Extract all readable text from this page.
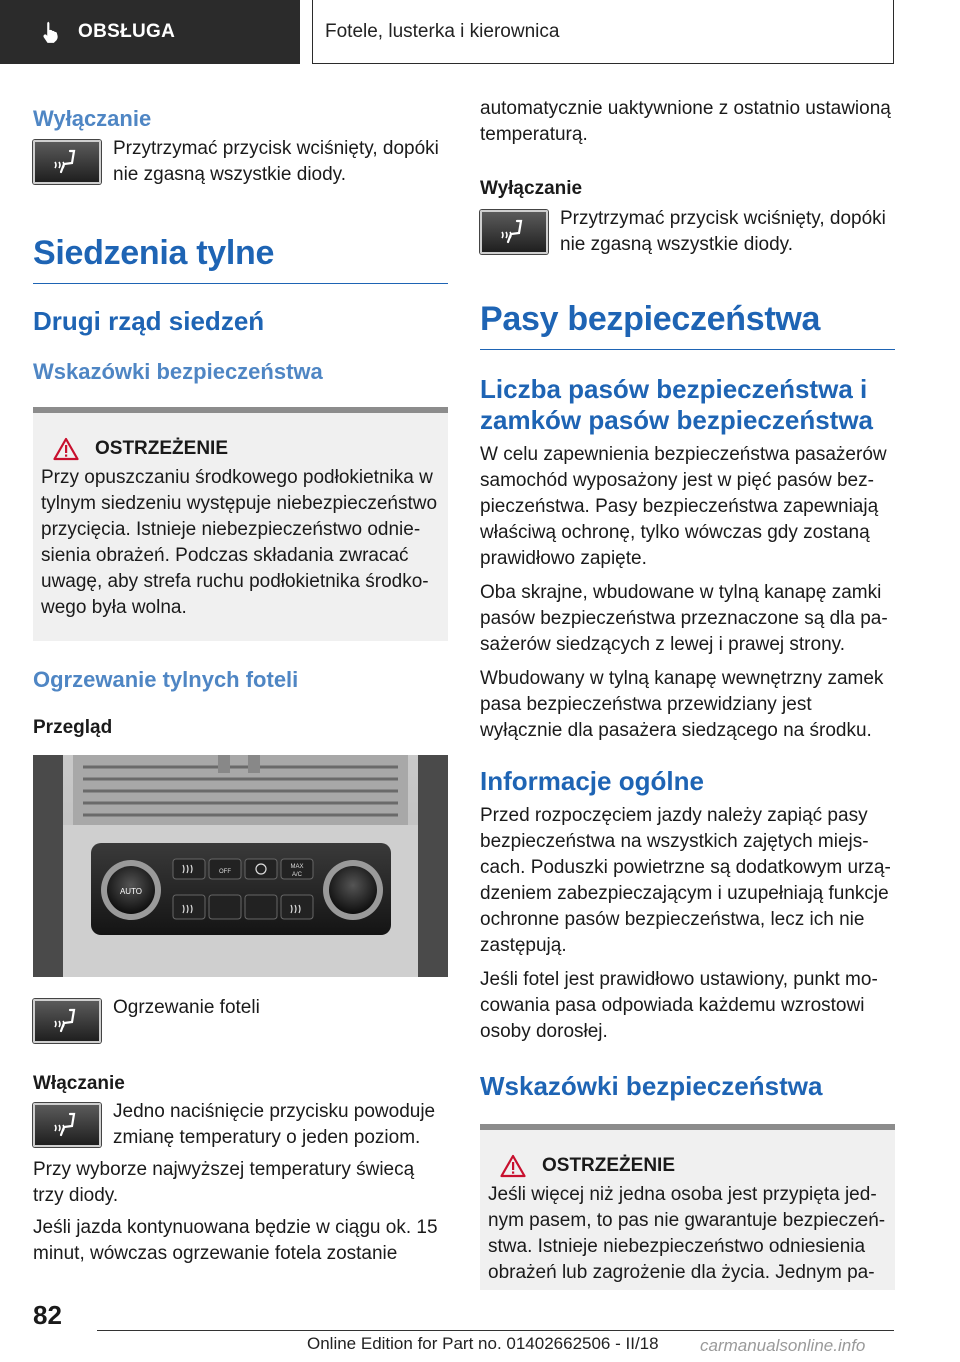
OBSŁUGA	Fotele, lusterka i kierownica
Wyłączanie

Przytrzymać przycisk wciśnięty, dopóki nie zgasną wszystkie diody.

Siedzenia tylne
Drugi rząd siedzeń
Wskazówki bezpieczeństwa
OSTRZEŻENIE

Przy opuszczaniu środkowego podłokietnika w tylnym siedzeniu występuje niebezpieczeństwo przycięcia. Istnieje niebezpieczeństwo odniesienia obrażeń. Podczas składania zwracać uwagę, aby strefa ruchu podłokietnika środkowego była wolna.

Ogrzewanie tylnych foteli
Przegląd
AUTO
OFF
MAX
A/C

Ogrzewanie foteli

Włączanie

Jedno naciśnięcie przycisku powoduje zmianę temperatury o jeden poziom.

Przy wyborze najwyższej temperatury świecą trzy diody.

Jeśli jazda kontynuowana będzie w ciągu ok. 15 minut, wówczas ogrzewanie fotela zostanie

automatycznie uaktywnione z ostatnio ustawioną temperaturą.

Wyłączanie

Przytrzymać przycisk wciśnięty, dopóki nie zgasną wszystkie diody.

Pasy bezpieczeństwa
Liczba pasów bezpieczeństwa i zamków pasów bezpieczeństwa

W celu zapewnienia bezpieczeństwa pasażerów samochód wyposażony jest w pięć pasów bezpieczeństwa. Pasy bezpieczeństwa zapewniają właściwą ochronę, tylko wówczas gdy zostaną prawidłowo zapięte.

Oba skrajne, wbudowane w tylną kanapę zamki pasów bezpieczeństwa przeznaczone są dla pasażerów siedzących z lewej i prawej strony.

Wbudowany w tylną kanapę wewnętrzny zamek pasa bezpieczeństwa przewidziany jest wyłącznie dla pasażera siedzącego na środku.

Informacje ogólne

Przed rozpoczęciem jazdy należy zapiąć pasy bezpieczeństwa na wszystkich zajętych miejscach. Poduszki powietrzne są dodatkowym urządzeniem zabezpieczającym i uzupełniają funkcje ochronne pasów bezpieczeństwa, lecz ich nie zastępują.

Jeśli fotel jest prawidłowo ustawiony, punkt mocowania pasa odpowiada każdemu wzrostowi osoby dorosłej.

Wskazówki bezpieczeństwa
OSTRZEŻENIE

Jeśli więcej niż jedna osoba jest przypięta jednym pasem, to pas nie gwarantuje bezpieczeństwa. Istnieje niebezpieczeństwo odniesienia obrażeń lub zagrożenie dla życia. Jednym pa-

82
Online Edition for Part no. 01402662506 - II/18 carmanualsonline.info
